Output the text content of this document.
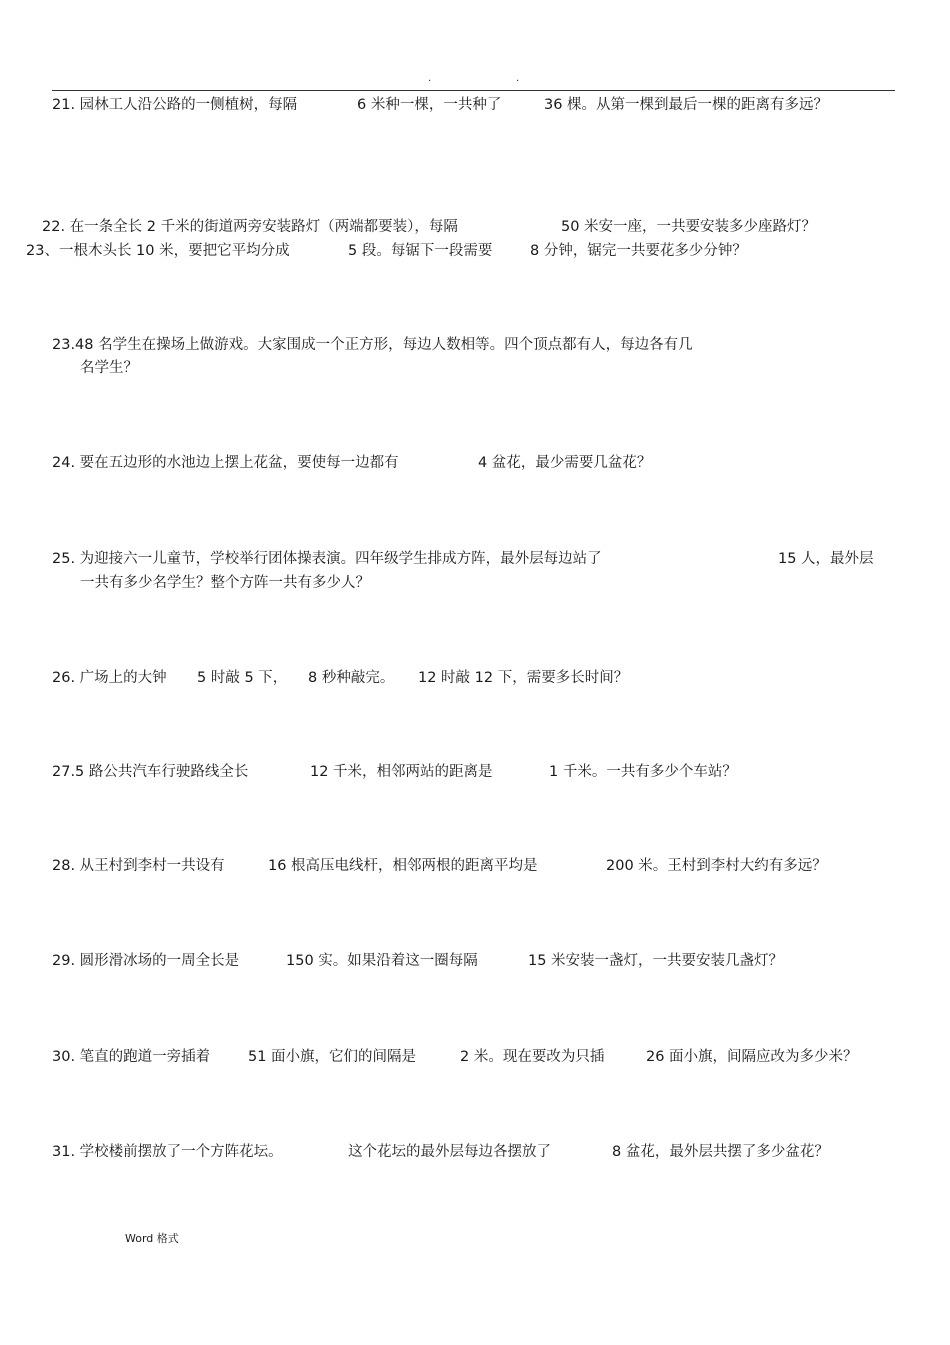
.	.
21. 园林工人沿公路的一侧植树，每隔	6 米种一棵，一共种了	36 棵。从第一棵到最后一棵的距离有多远？
22. 在一条全长 2 千米的街道两旁安装路灯（两端都要装），每隔	50 米安一座，一共要安装多少座路灯？
23、一根木头长 10 米，要把它平均分成	5 段。每锯下一段需要	8 分钟，锯完一共要花多少分钟？
23.48 名学生在操场上做游戏。大家围成一个正方形，每边人数相等。四个顶点都有人，每边各有几
名学生？
24. 要在五边形的水池边上摆上花盆，要使每一边都有	4 盆花，最少需要几盆花？
25. 为迎接六一儿童节，学校举行团体操表演。四年级学生排成方阵，最外层每边站了	15 人，最外层
一共有多少名学生？整个方阵一共有多少人？
26. 广场上的大钟 5 时敲 5 下， 8 秒种敲完。 12 时敲 12 下，需要多长时间？
27.5 路公共汽车行驶路线全长	12 千米，相邻两站的距离是	1 千米。一共有多少个车站？
28. 从王村到李村一共设有	16 根高压电线杆，相邻两根的距离平均是	200 米。王村到李村大约有多远？
29. 圆形滑冰场的一周全长是	150 实。如果沿着这一圈每隔	15 米安装一盏灯，一共要安装几盏灯？
30. 笔直的跑道一旁插着	51 面小旗，它们的间隔是	2 米。现在要改为只插	26 面小旗，间隔应改为多少米？
31. 学校楼前摆放了一个方阵花坛。	这个花坛的最外层每边各摆放了	8 盆花，最外层共摆了多少盆花？
Word 格式
